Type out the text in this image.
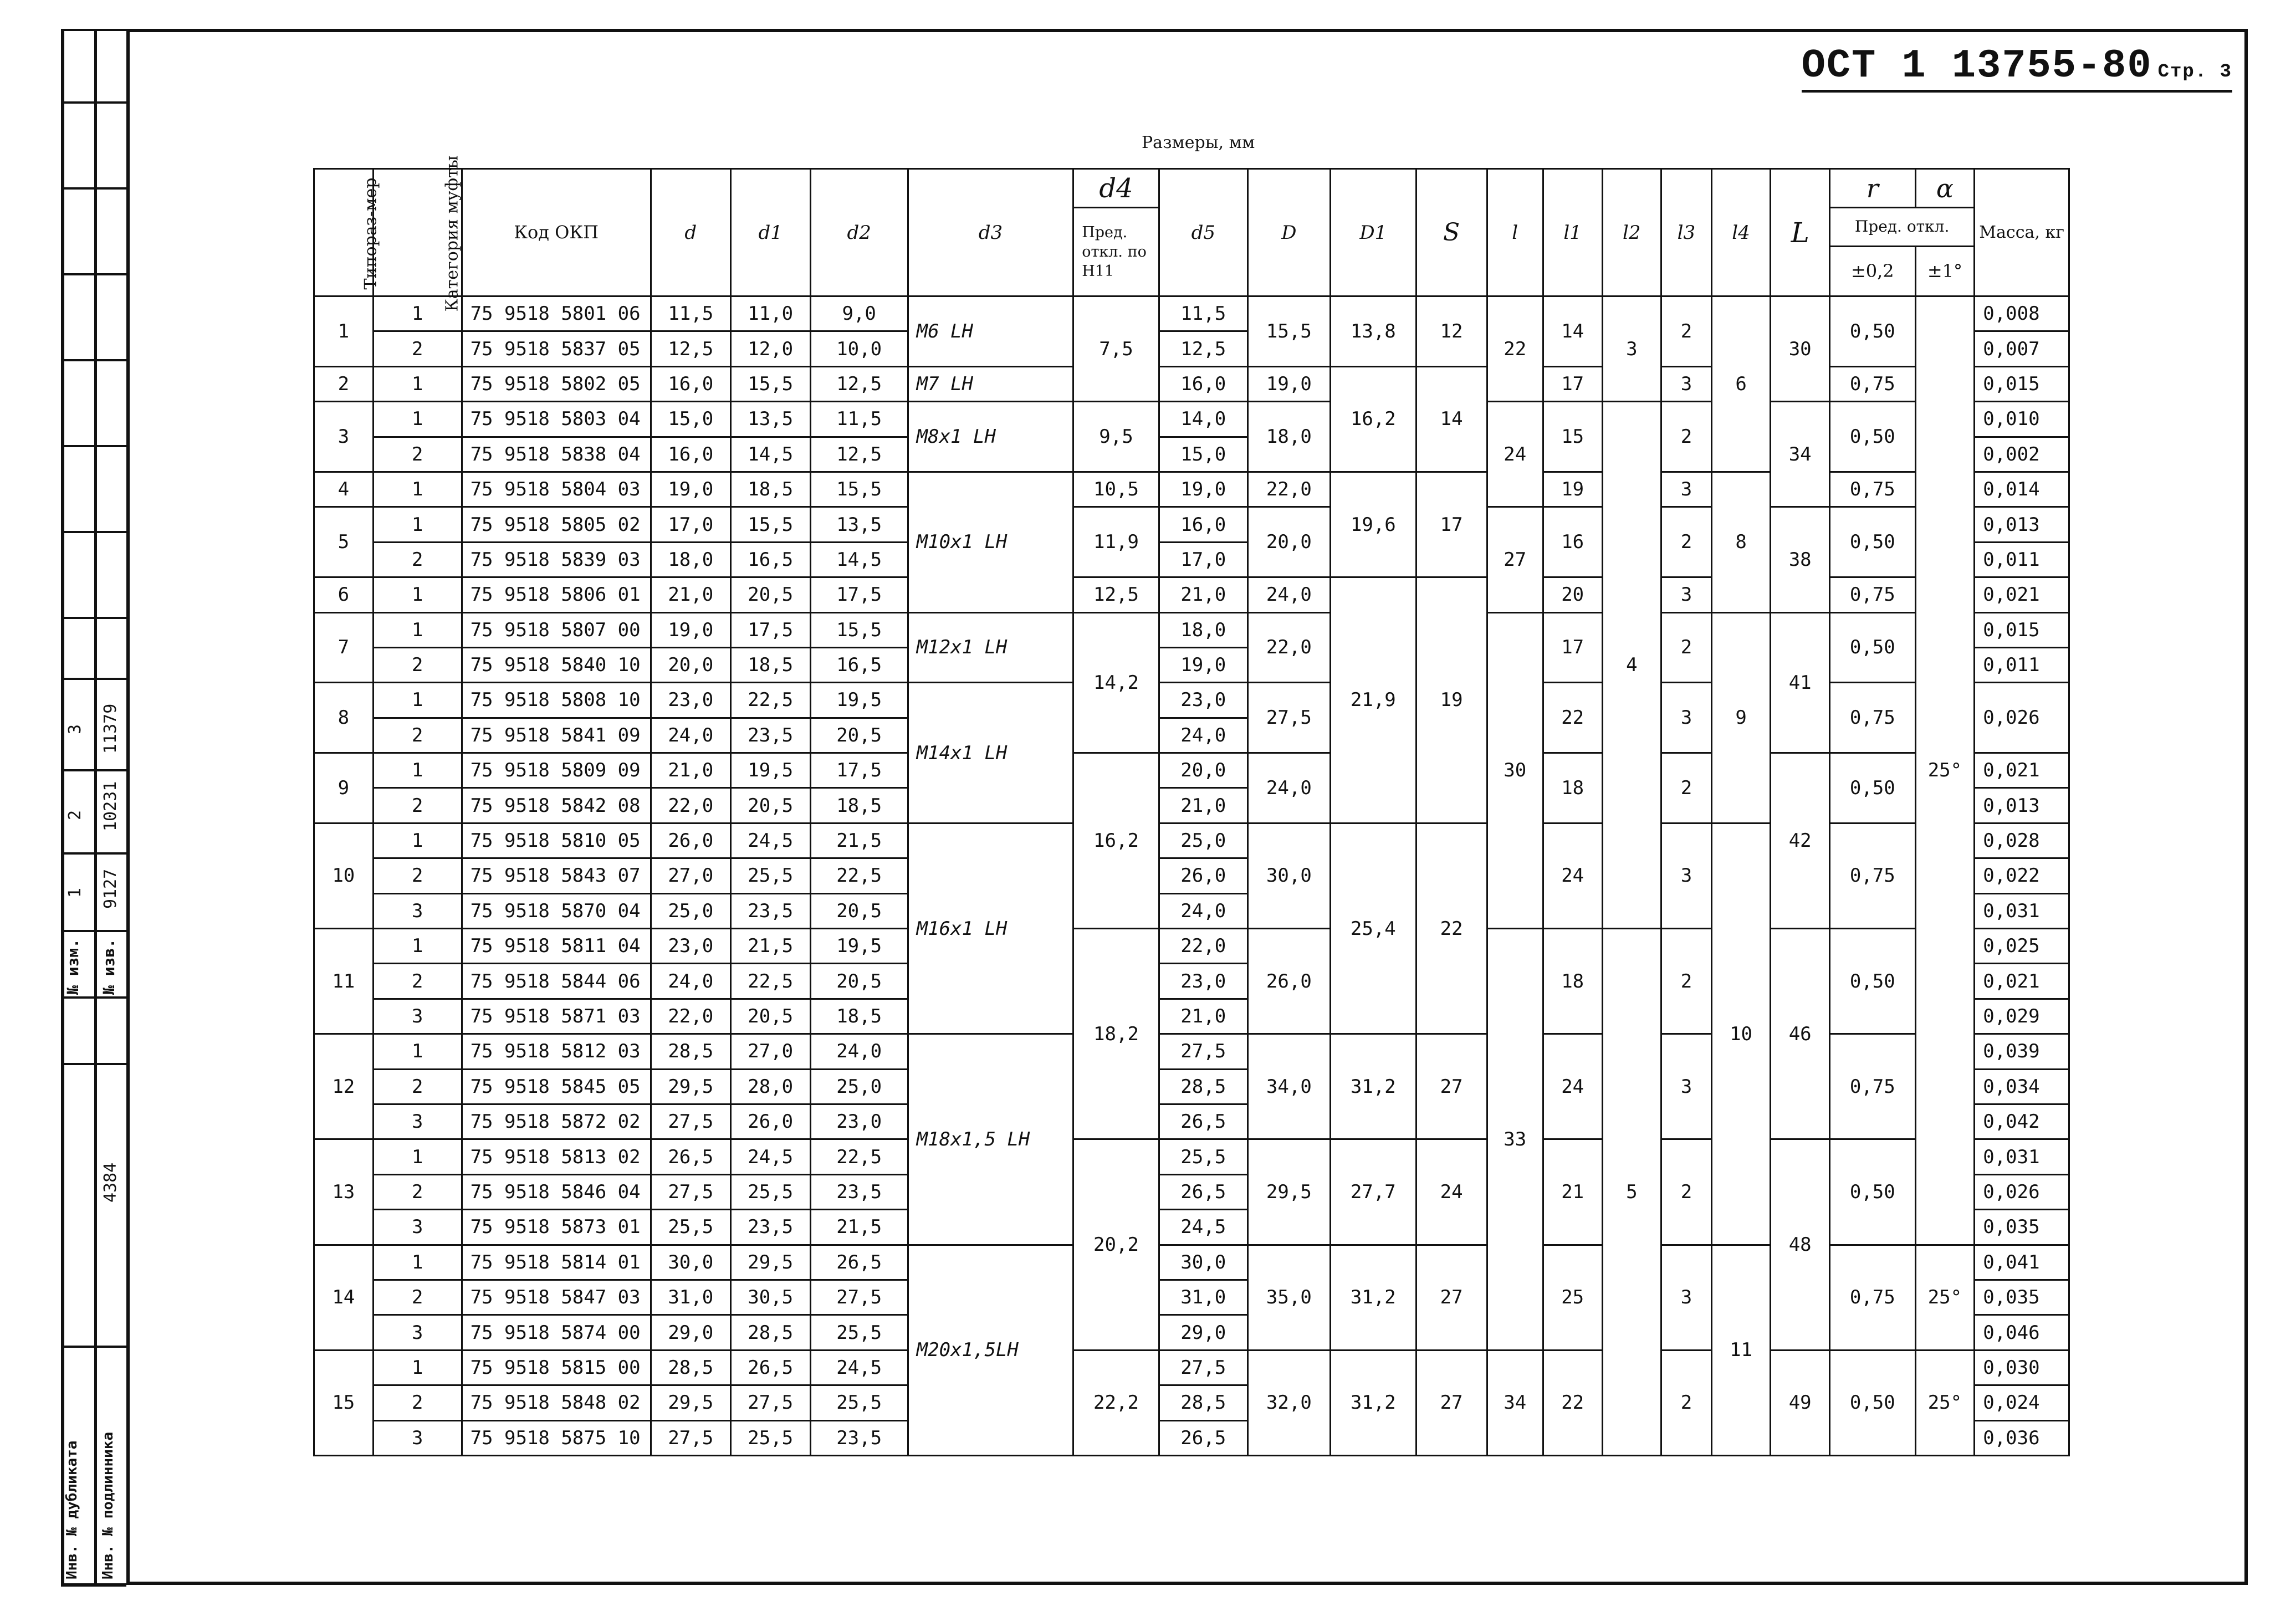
№ изм. № изв.
1 9127
2 10231
3 11379
4384
Инв. № дубликата Инв. № подлинника
ОСТ 1 13755-80 Стр. 3
Размеры, мм
Типораз-мер	Категория муфты	Код ОКП	d	d1	d2	d3	d4	d5	D	D1	S	l	l1	l2	l3	l4	L	r	α	Масса, кг
							Пред. откл. по Н11											Пред. откл.		
																		±0,2	±1°	
1	1	75 9518 5801 06	11,5	11,0	9,0	М6 LH	7,5	11,5	15,5	13,8	12	22	14	3	2	6	30	0,50	25°	0,008
	2	75 9518 5837 05	12,5	12,0	10,0			12,5												0,007
2	1	75 9518 5802 05	16,0	15,5	12,5	М7 LH		16,0	19,0	16,2	14		17		3			0,75		0,015
3	1	75 9518 5803 04	15,0	13,5	11,5	М8х1 LH	9,5	14,0	18,0			24	15	4	2		34	0,50		0,010
	2	75 9518 5838 04	16,0	14,5	12,5			15,0												0,002
4	1	75 9518 5804 03	19,0	18,5	15,5	М10х1 LH	10,5	19,0	22,0	19,6	17		19		3	8		0,75		0,014
5	1	75 9518 5805 02	17,0	15,5	13,5		11,9	16,0	20,0			27	16		2		38	0,50		0,013
	2	75 9518 5839 03	18,0	16,5	14,5			17,0												0,011
6	1	75 9518 5806 01	21,0	20,5	17,5		12,5	21,0	24,0	21,9	19		20		3			0,75		0,021
7	1	75 9518 5807 00	19,0	17,5	15,5	М12х1 LH	14,2	18,0	22,0			30	17		2	9	41	0,50		0,015
	2	75 9518 5840 10	20,0	18,5	16,5			19,0												0,011
8	1	75 9518 5808 10	23,0	22,5	19,5	М14х1 LH		23,0	27,5				22		3			0,75		0,026
	2	75 9518 5841 09	24,0	23,5	20,5			24,0												
9	1	75 9518 5809 09	21,0	19,5	17,5		16,2	20,0	24,0				18		2		42	0,50		0,021
	2	75 9518 5842 08	22,0	20,5	18,5			21,0												0,013
10	1	75 9518 5810 05	26,0	24,5	21,5	М16х1 LH		25,0	30,0	25,4	22		24		3	10		0,75		0,028
	2	75 9518 5843 07	27,0	25,5	22,5			26,0												0,022
	3	75 9518 5870 04	25,0	23,5	20,5			24,0												0,031
11	1	75 9518 5811 04	23,0	21,5	19,5		18,2	22,0	26,0			33	18	5	2		46	0,50		0,025
	2	75 9518 5844 06	24,0	22,5	20,5			23,0												0,021
	3	75 9518 5871 03	22,0	20,5	18,5			21,0												0,029
12	1	75 9518 5812 03	28,5	27,0	24,0	М18х1,5 LH		27,5	34,0	31,2	27		24		3			0,75		0,039
	2	75 9518 5845 05	29,5	28,0	25,0			28,5												0,034
	3	75 9518 5872 02	27,5	26,0	23,0			26,5												0,042
13	1	75 9518 5813 02	26,5	24,5	22,5		20,2	25,5	29,5	27,7	24		21		2		48	0,50		0,031
	2	75 9518 5846 04	27,5	25,5	23,5			26,5												0,026
	3	75 9518 5873 01	25,5	23,5	21,5			24,5												0,035
14	1	75 9518 5814 01	30,0	29,5	26,5	М20х1,5LH		30,0	35,0	31,2	27		25		3	11		0,75	25°	0,041
	2	75 9518 5847 03	31,0	30,5	27,5			31,0												0,035
	3	75 9518 5874 00	29,0	28,5	25,5			29,0												0,046
15	1	75 9518 5815 00	28,5	26,5	24,5		22,2	27,5	32,0	31,2	27	34	22		2		49	0,50	25°	0,030
	2	75 9518 5848 02	29,5	27,5	25,5			28,5												0,024
	3	75 9518 5875 10	27,5	25,5	23,5			26,5												0,036
